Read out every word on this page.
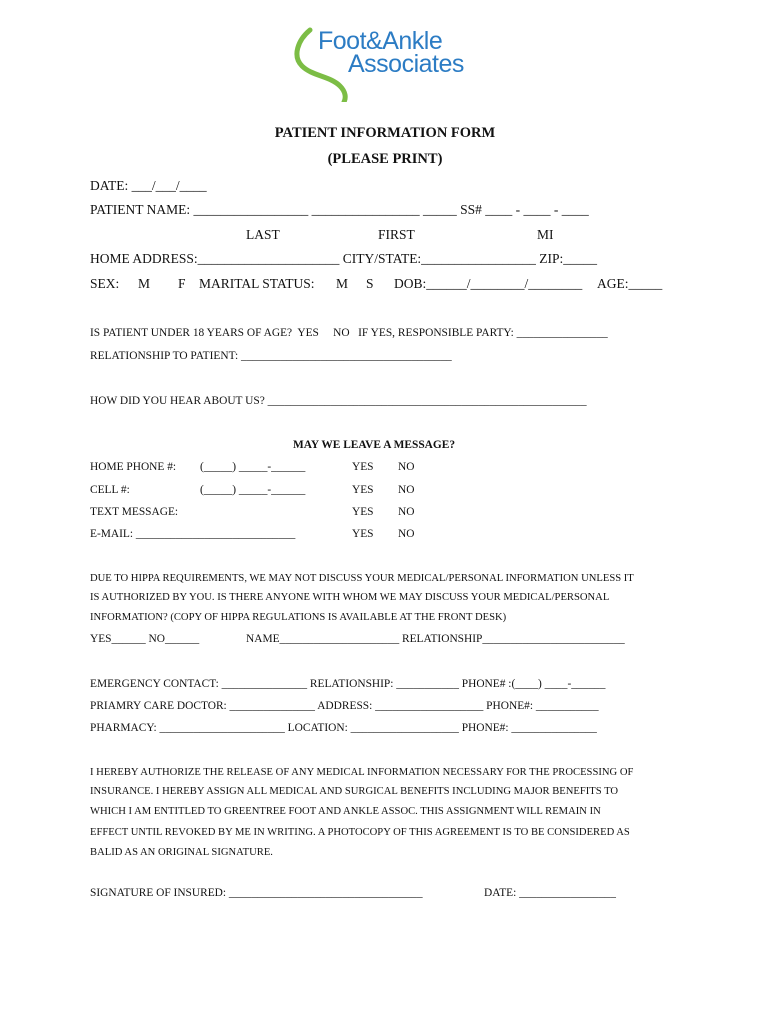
Foot&Ankle
Associates
PATIENT INFORMATION FORM
(PLEASE PRINT)
DATE: ___/___/____
PATIENT NAME: _________________ ________________ _____ SS# ____ - ____ - ____
LAST	FIRST	MI
HOME ADDRESS:_____________________ CITY/STATE:_________________ ZIP:_____
SEX: M F MARITAL STATUS: M S DOB:______/________/________ AGE:_____
IS PATIENT UNDER 18 YEARS OF AGE?  YES     NO   IF YES, RESPONSIBLE PARTY: ________________
RELATIONSHIP TO PATIENT: _____________________________________
HOW DID YOU HEAR ABOUT US? ________________________________________________________
MAY WE LEAVE A MESSAGE?
HOME PHONE #: (_____) _____-______	YES NO
CELL #:	(_____) _____-______	YES NO
TEXT MESSAGE:	YES NO
E-MAIL: ____________________________	YES NO
DUE TO HIPPA REQUIREMENTS, WE MAY NOT DISCUSS YOUR MEDICAL/PERSONAL INFORMATION UNLESS IT
IS AUTHORIZED BY YOU. IS THERE ANYONE WITH WHOM WE MAY DISCUSS YOUR MEDICAL/PERSONAL
INFORMATION? (COPY OF HIPPA REGULATIONS IS AVAILABLE AT THE FRONT DESK)
YES______ NO______	NAME_____________________ RELATIONSHIP_________________________
EMERGENCY CONTACT: _______________ RELATIONSHIP: ___________ PHONE# :(____) ____-______
PRIAMRY CARE DOCTOR: _______________ ADDRESS: ___________________ PHONE#: ___________
PHARMACY: ______________________ LOCATION: ___________________ PHONE#: _______________
I HEREBY AUTHORIZE THE RELEASE OF ANY MEDICAL INFORMATION NECESSARY FOR THE PROCESSING OF
INSURANCE. I HEREBY ASSIGN ALL MEDICAL AND SURGICAL BENEFITS INCLUDING MAJOR BENEFITS TO
WHICH I AM ENTITLED TO GREENTREE FOOT AND ANKLE ASSOC. THIS ASSIGNMENT WILL REMAIN IN
EFFECT UNTIL REVOKED BY ME IN WRITING. A PHOTOCOPY OF THIS AGREEMENT IS TO BE CONSIDERED AS
BALID AS AN ORIGINAL SIGNATURE.
SIGNATURE OF INSURED: __________________________________	DATE: _________________
